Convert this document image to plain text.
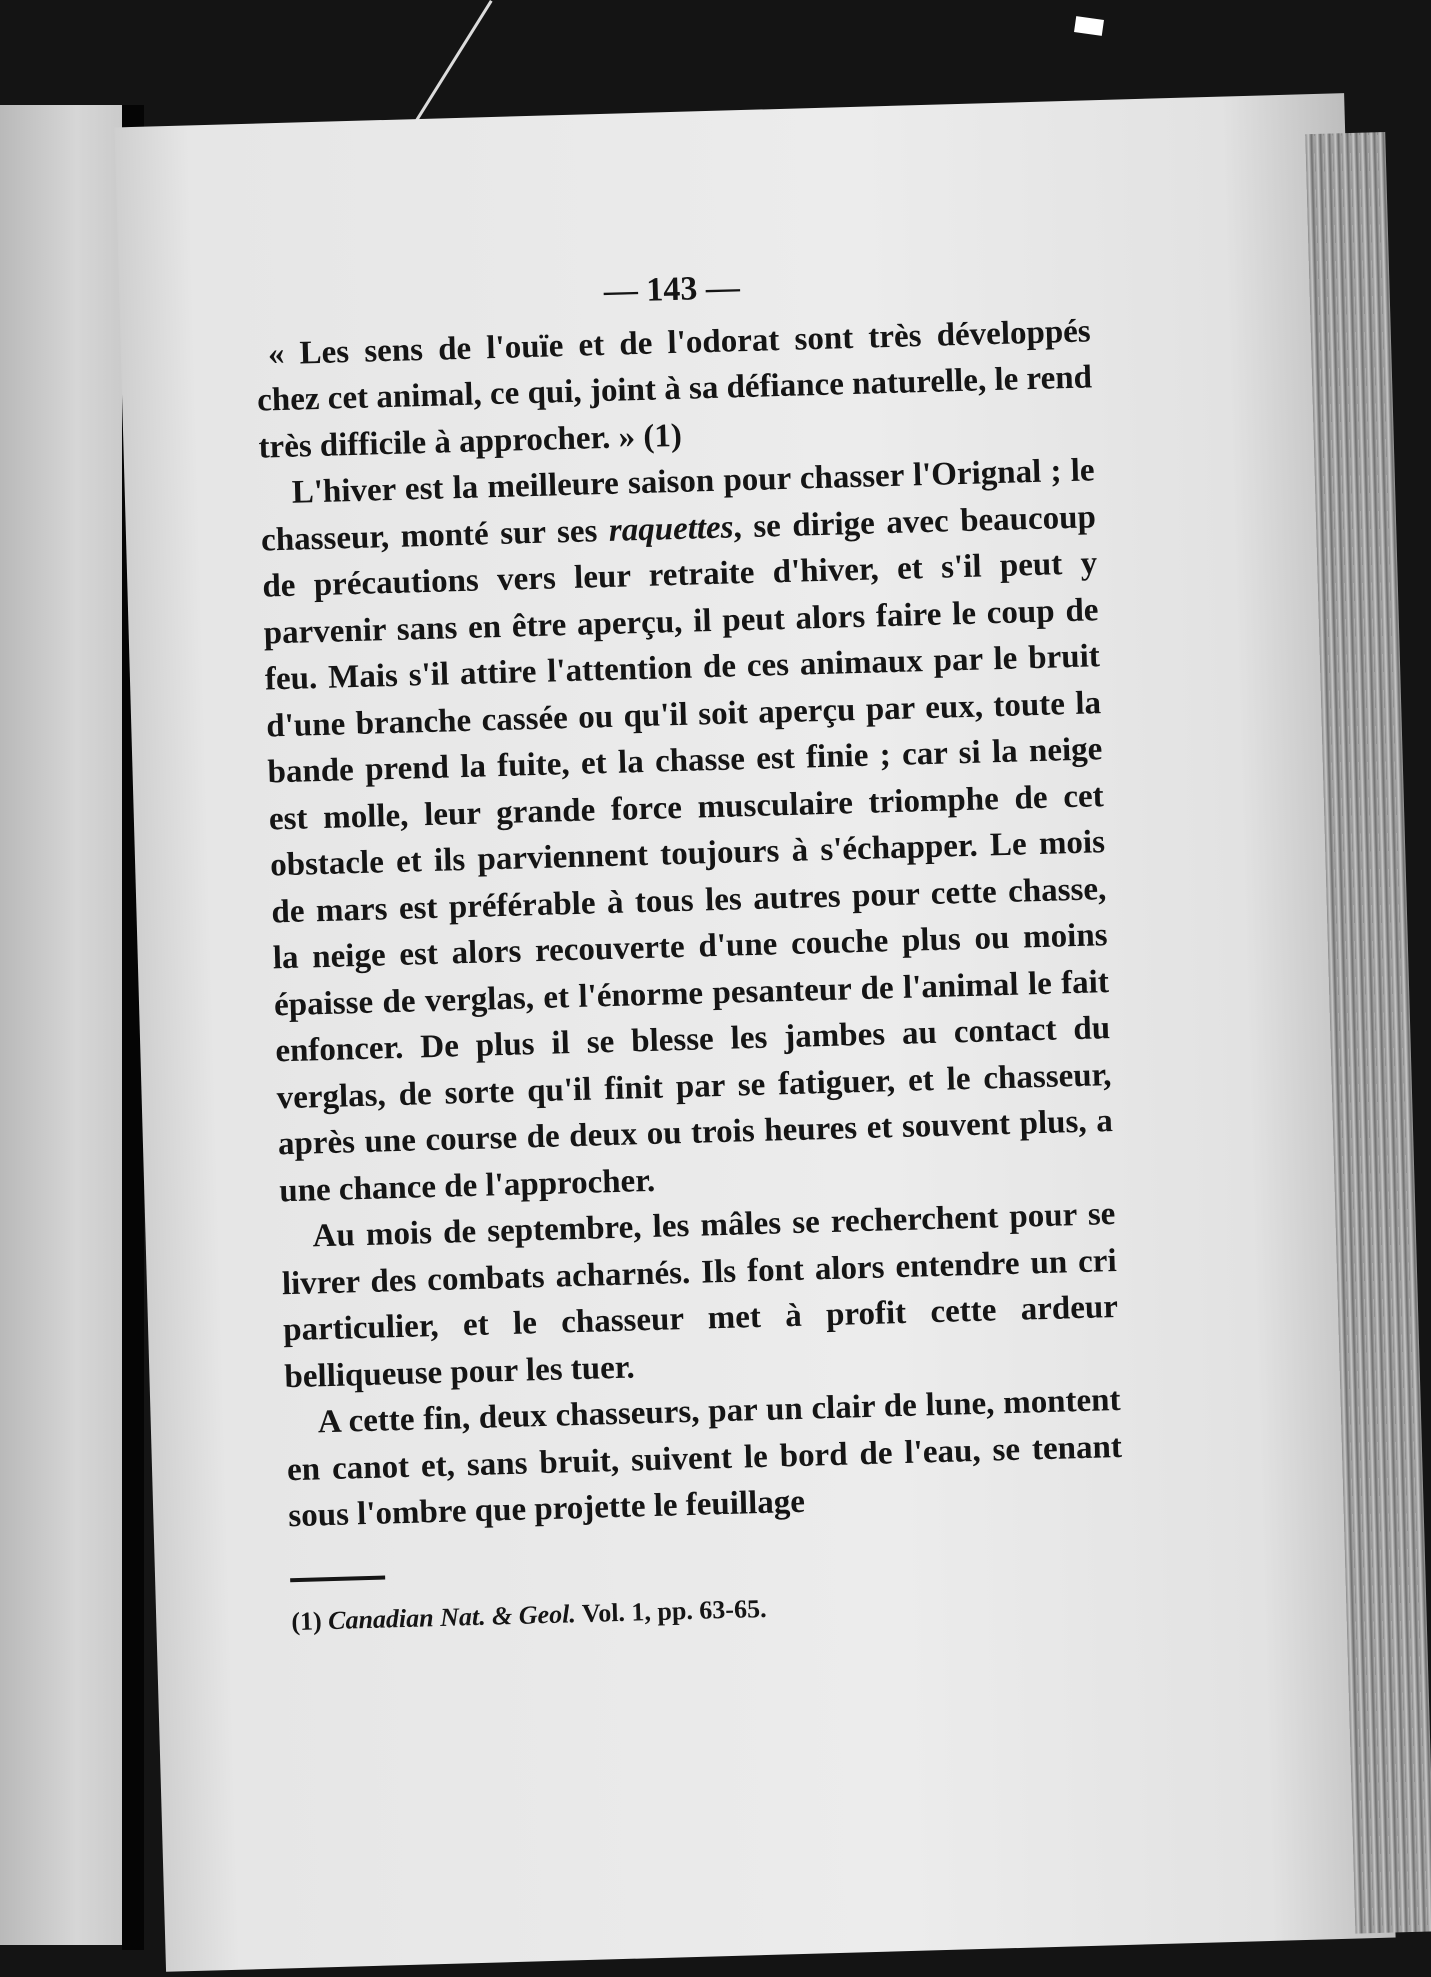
— 143 —

« Les sens de l'ouïe et de l'odorat sont très développés chez cet animal, ce qui, joint à sa défiance naturelle, le rend très difficile à approcher. » (1)

L'hiver est la meilleure saison pour chasser l'Orignal ; le chasseur, monté sur ses raquettes, se dirige avec beaucoup de précautions vers leur retraite d'hiver, et s'il peut y parvenir sans en être aperçu, il peut alors faire le coup de feu. Mais s'il attire l'attention de ces animaux par le bruit d'une branche cassée ou qu'il soit aperçu par eux, toute la bande prend la fuite, et la chasse est finie ; car si la neige est molle, leur grande force musculaire triomphe de cet obstacle et ils parviennent toujours à s'échapper. Le mois de mars est préférable à tous les autres pour cette chasse, la neige est alors recouverte d'une couche plus ou moins épaisse de verglas, et l'énorme pesanteur de l'animal le fait enfoncer. De plus il se blesse les jambes au contact du verglas, de sorte qu'il finit par se fatiguer, et le chasseur, après une course de deux ou trois heures et souvent plus, a une chance de l'approcher.

Au mois de septembre, les mâles se recherchent pour se livrer des combats acharnés. Ils font alors entendre un cri particulier, et le chasseur met à profit cette ardeur belliqueuse pour les tuer.

A cette fin, deux chasseurs, par un clair de lune, montent en canot et, sans bruit, suivent le bord de l'eau, se tenant sous l'ombre que projette le feuillage

(1) Canadian Nat. & Geol. Vol. 1, pp. 63-65.
